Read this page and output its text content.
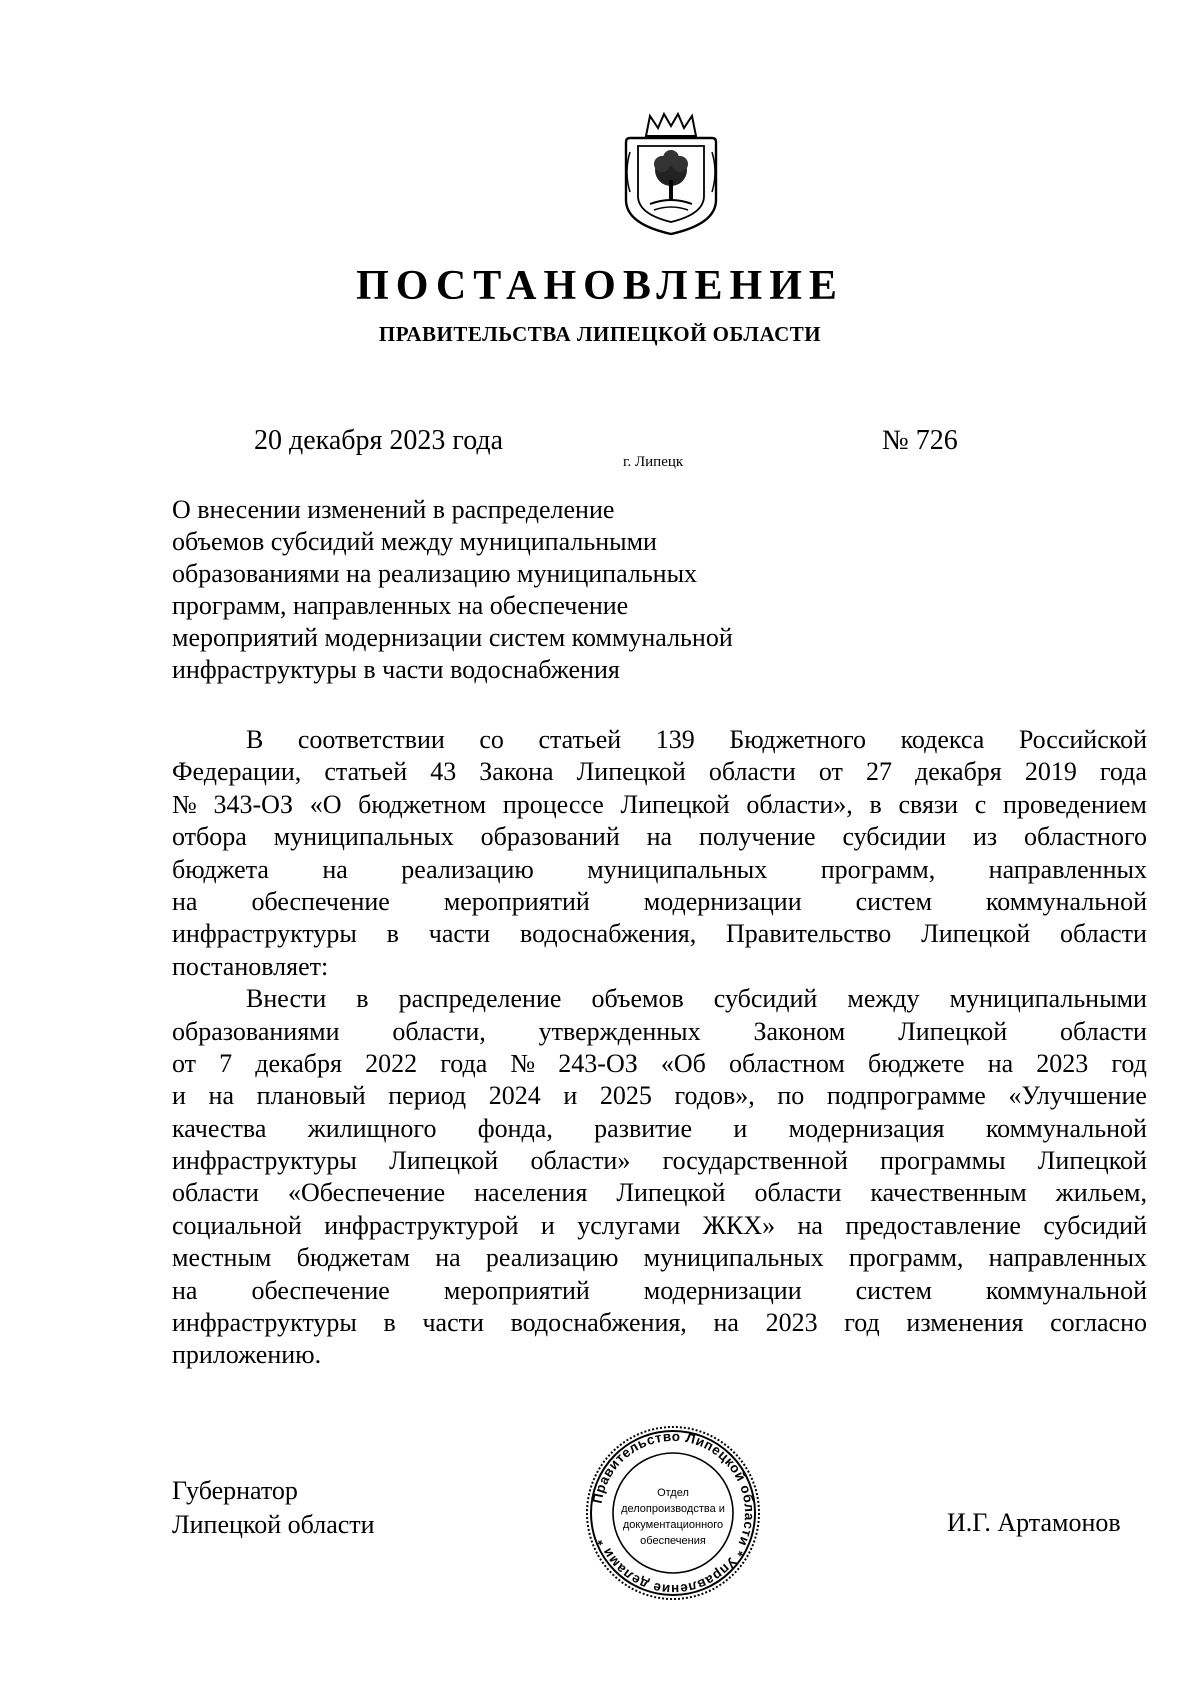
ПОСТАНОВЛЕНИЕ
ПРАВИТЕЛЬСТВА ЛИПЕЦКОЙ ОБЛАСТИ
20 декабря 2023 года
г. Липецк
№ 726
О внесении изменений в распределение
объемов субсидий между муниципальными
образованиями на реализацию муниципальных
программ, направленных на обеспечение
мероприятий модернизации систем коммунальной
инфраструктуры в части водоснабжения
В соответствии со статьей 139 Бюджетного кодекса Российской
Федерации, статьей 43 Закона Липецкой области от 27 декабря 2019 года
№ 343-ОЗ «О бюджетном процессе Липецкой области», в связи с проведением
отбора муниципальных образований на получение субсидии из областного
бюджета на реализацию муниципальных программ, направленных
на обеспечение мероприятий модернизации систем коммунальной
инфраструктуры в части водоснабжения, Правительство Липецкой области
постановляет:
Внести в распределение объемов субсидий между муниципальными
образованиями области, утвержденных Законом Липецкой области
от 7 декабря 2022 года № 243-ОЗ «Об областном бюджете на 2023 год
и на плановый период 2024 и 2025 годов», по подпрограмме «Улучшение
качества жилищного фонда, развитие и модернизация коммунальной
инфраструктуры Липецкой области» государственной программы Липецкой
области «Обеспечение населения Липецкой области качественным жильем,
социальной инфраструктурой и услугами ЖКХ» на предоставление субсидий
местным бюджетам на реализацию муниципальных программ, направленных
на обеспечение мероприятий модернизации систем коммунальной
инфраструктуры в части водоснабжения, на 2023 год изменения согласно
приложению.
Губернатор
Липецкой области
Правительство Липецкой области * Управление делами *
Отдел
делопроизводства и
документационного
обеспечения
И.Г. Артамонов
